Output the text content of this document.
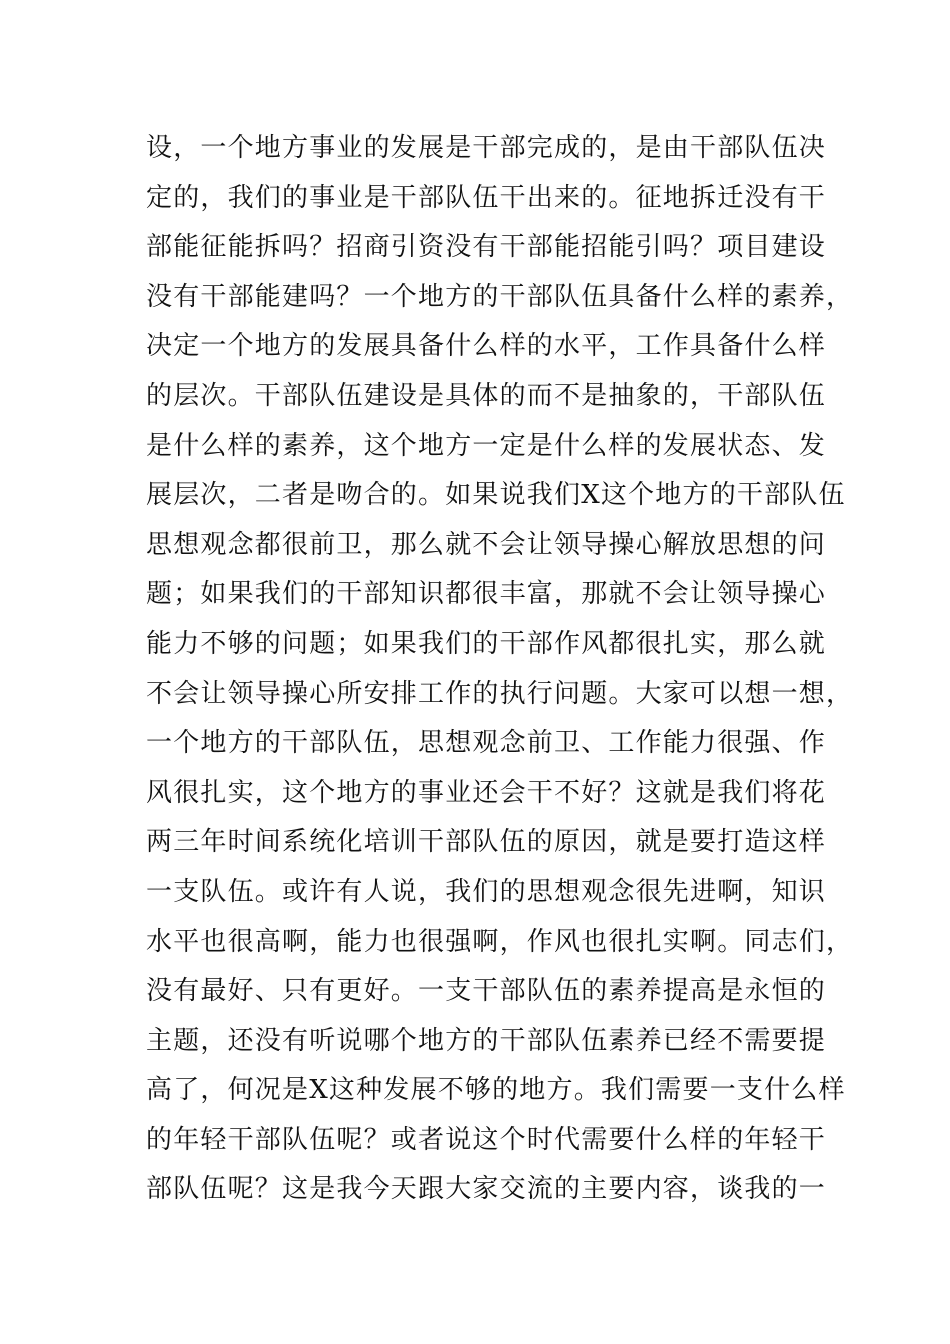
设，一个地方事业的发展是干部完成的，是由干部队伍决
定的，我们的事业是干部队伍干出来的。征地拆迁没有干
部能征能拆吗？招商引资没有干部能招能引吗？项目建设
没有干部能建吗？一个地方的干部队伍具备什么样的素养，
决定一个地方的发展具备什么样的水平，工作具备什么样
的层次。干部队伍建设是具体的而不是抽象的，干部队伍
是什么样的素养，这个地方一定是什么样的发展状态、发
展层次，二者是吻合的。如果说我们X这个地方的干部队伍
思想观念都很前卫，那么就不会让领导操心解放思想的问
题；如果我们的干部知识都很丰富，那就不会让领导操心
能力不够的问题；如果我们的干部作风都很扎实，那么就
不会让领导操心所安排工作的执行问题。大家可以想一想，
一个地方的干部队伍，思想观念前卫、工作能力很强、作
风很扎实，这个地方的事业还会干不好？这就是我们将花
两三年时间系统化培训干部队伍的原因，就是要打造这样
一支队伍。或许有人说，我们的思想观念很先进啊，知识
水平也很高啊，能力也很强啊，作风也很扎实啊。同志们，
没有最好、只有更好。一支干部队伍的素养提高是永恒的
主题，还没有听说哪个地方的干部队伍素养已经不需要提
高了，何况是X这种发展不够的地方。我们需要一支什么样
的年轻干部队伍呢？或者说这个时代需要什么样的年轻干
部队伍呢？这是我今天跟大家交流的主要内容，谈我的一
